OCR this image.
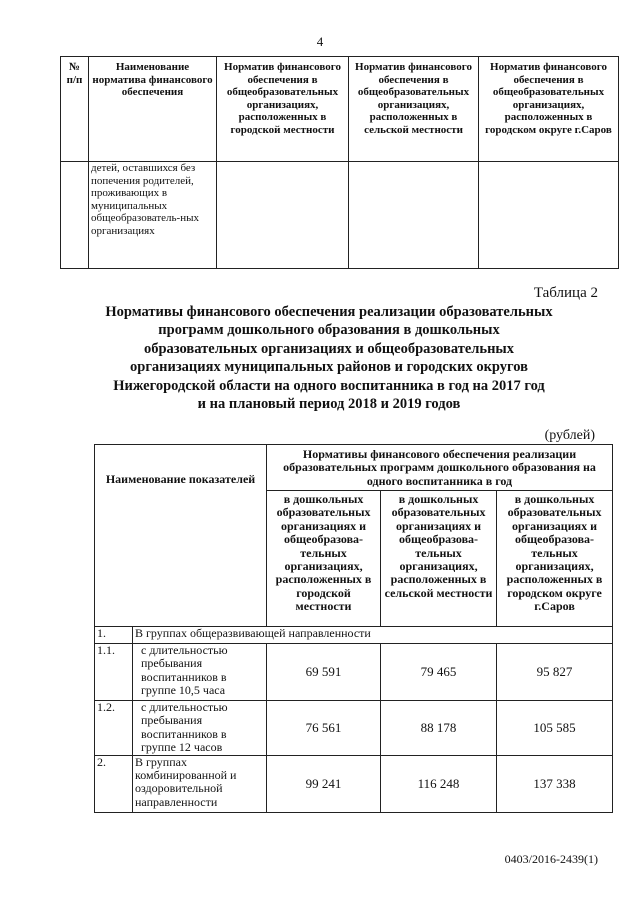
4
№ п/п	Наименование норматива финансового обеспечения	Норматив финансового обеспечения в общеобразовательных организациях, расположенных в городской местности	Норматив финансового обеспечения в общеобразовательных организациях, расположенных в сельской местности	Норматив финансового обеспечения в общеобразовательных организациях, расположенных в городском округе г.Саров
	детей, оставшихся без попечения родителей, проживающих в муниципальных общеобразователь-ных организациях			
Таблица 2
Нормативы финансового обеспечения реализации образовательных
программ дошкольного образования в дошкольных
образовательных организациях и общеобразовательных
организациях муниципальных районов и городских округов
Нижегородской области на одного воспитанника в год на 2017 год
и на плановый период 2018 и 2019 годов
(рублей)
Наименование показателей		Нормативы финансового обеспечения реализации образовательных программ дошкольного образования на одного воспитанника в год		
		в дошкольных образовательных организациях и общеобразова-тельных организациях, расположенных в городской местности	в дошкольных образовательных организациях и общеобразова-тельных организациях, расположенных в сельской местности	в дошкольных образовательных организациях и общеобразова-тельных организациях, расположенных в городском округе г.Саров
1.	В группах общеразвивающей направленности			
1.1.	с длительностью пребывания воспитанников в группе 10,5 часа	69 591	79 465	95 827
1.2.	с длительностью пребывания воспитанников в группе 12 часов	76 561	88 178	105 585
2.	В группах комбинированной и оздоровительной направленности	99 241	116 248	137 338
0403/2016-2439(1)
